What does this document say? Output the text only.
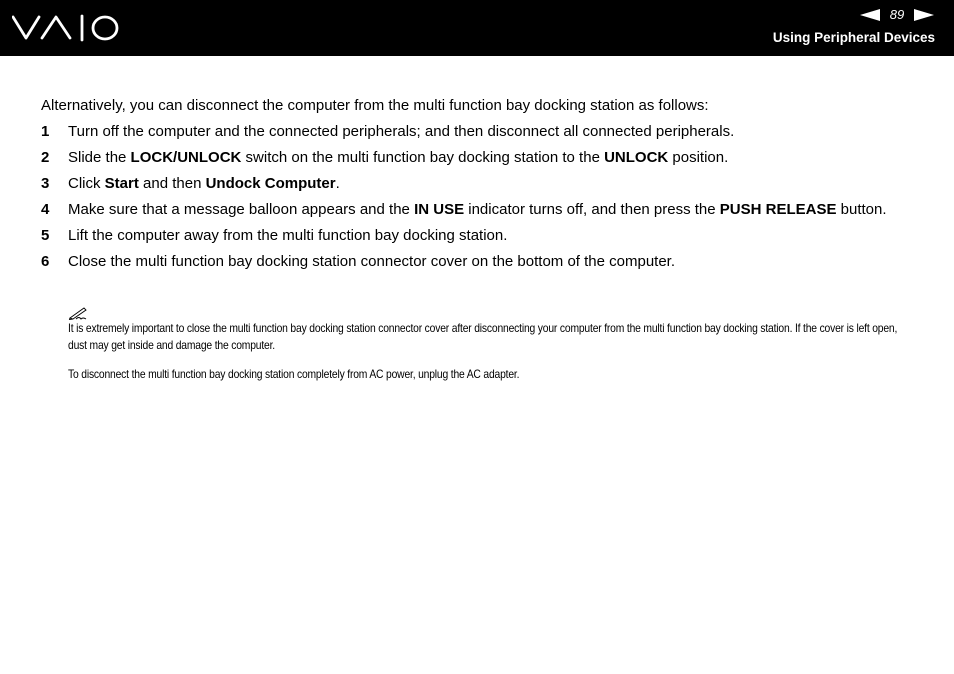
89
Using Peripheral Devices

Alternatively, you can disconnect the computer from the multi function bay docking station as follows:

1 Turn off the computer and the connected peripherals; and then disconnect all connected peripherals.
2 Slide the LOCK/UNLOCK switch on the multi function bay docking station to the UNLOCK position.
3 Click Start and then Undock Computer.
4 Make sure that a message balloon appears and the IN USE indicator turns off, and then press the PUSH RELEASE button.
5 Lift the computer away from the multi function bay docking station.
6 Close the multi function bay docking station connector cover on the bottom of the computer.

It is extremely important to close the multi function bay docking station connector cover after disconnecting your computer from the multi function bay docking station. If the cover is left open, dust may get inside and damage the computer.

To disconnect the multi function bay docking station completely from AC power, unplug the AC adapter.
